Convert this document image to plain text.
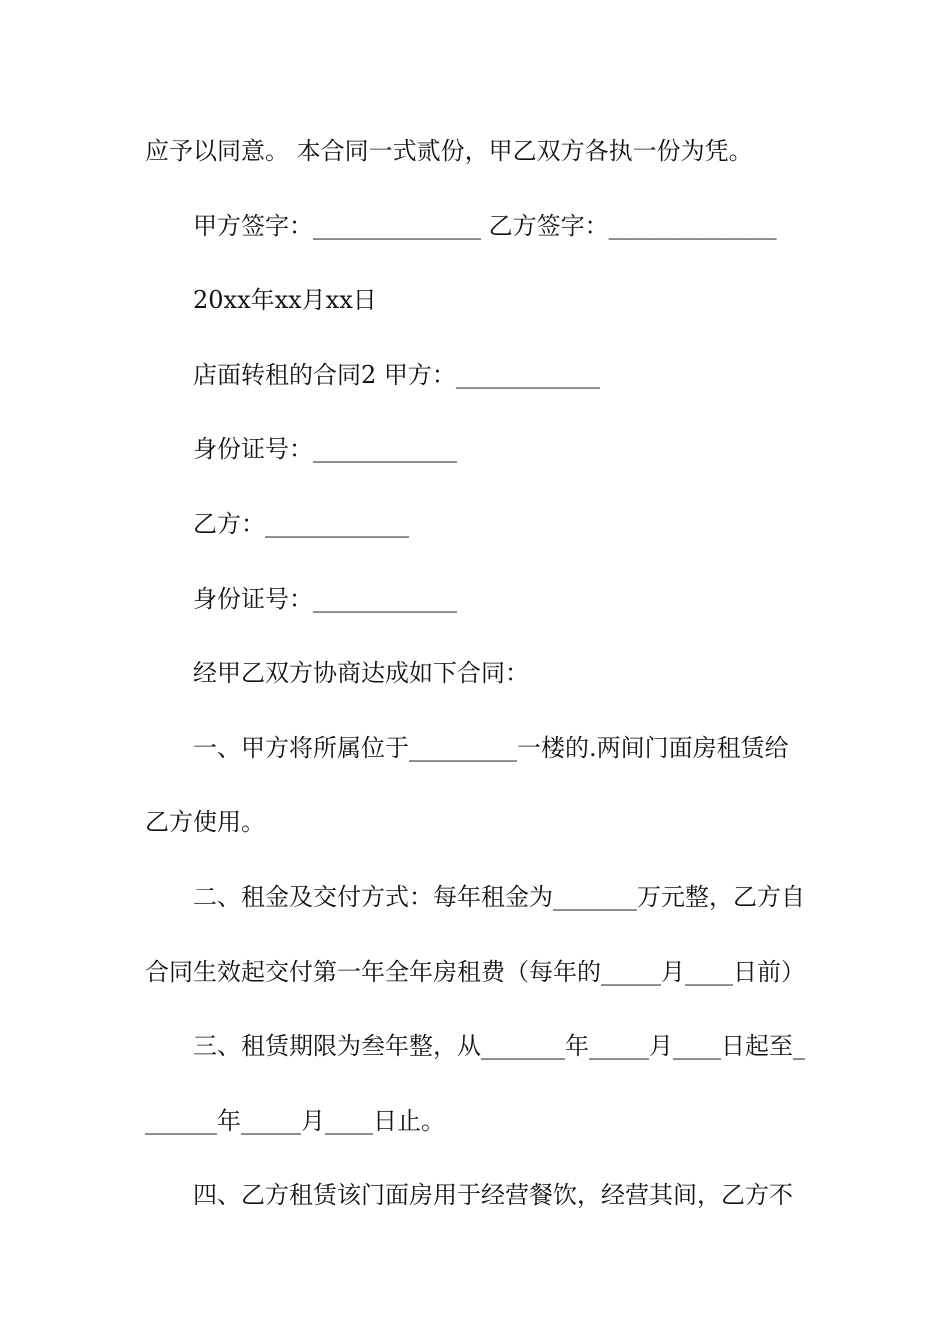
应予以同意。 本合同一式贰份，甲乙双方各执一份为凭。
甲方签字：______________ 乙方签字：______________
20xx年xx月xx日
店面转租的合同2 甲方：____________
身份证号：____________
乙方：____________
身份证号：____________
经甲乙双方协商达成如下合同：
一、甲方将所属位于_________一楼的.两间门面房租赁给
乙方使用。
二、租金及交付方式：每年租金为_______万元整，乙方自
合同生效起交付第一年全年房租费（每年的_____月____日前）
三、租赁期限为叁年整，从_______年_____月____日起至_
______年_____月____日止。
四、乙方租赁该门面房用于经营餐饮，经营其间，乙方不
